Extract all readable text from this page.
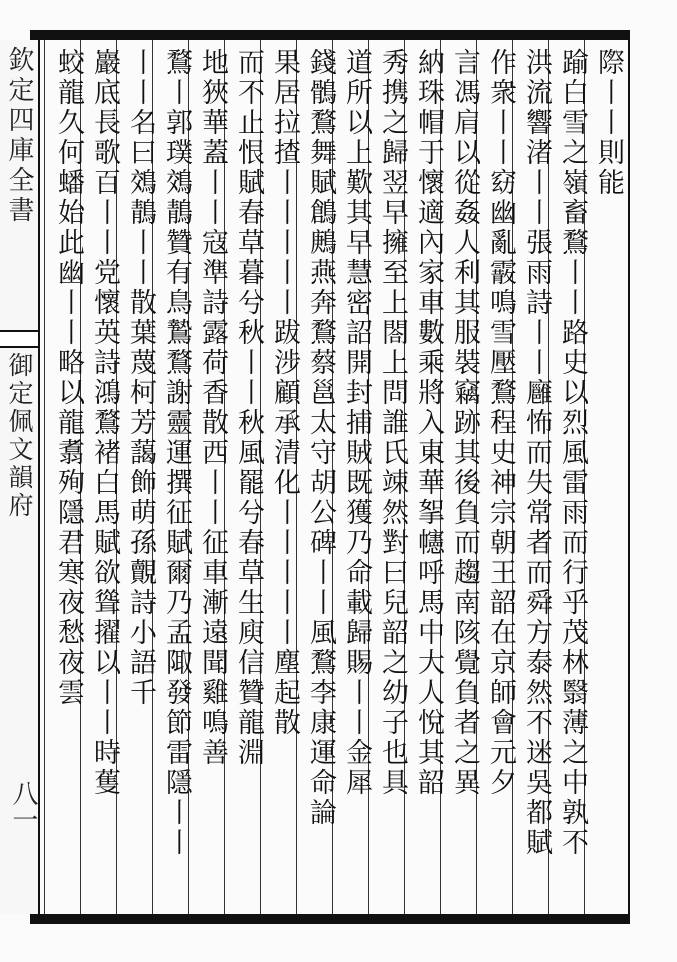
欽定四庫全書
御定佩文韻府
八一
際丨丨則能
踰白雪之嶺畜鶩丨丨路史以烈風雷雨而行乎茂林翳薄之中孰不
洪流響渚丨丨張雨詩丨丨廱怖而失常者而舜方泰然不迷吳都賦
作衆丨丨窈幽亂霰鳴雪壓鶩程史神宗朝王韶在京師會元夕
言馮肩以從姦人利其服裝竊跡其後負而趨南陔覺負者之異
納珠帽于懷適內家車數乘將入東華挐幰呼馬中大人悅其韶
秀携之歸翌早擁至上閤上問誰氏竦然對曰兒韶之幼子也具
道所以上歎其早慧密詔開封捕賊既獲乃命載歸賜丨丨金犀
錢鶻鶩舞賦鶬鶊燕奔鶩蔡邕太守胡公碑丨丨風鶩李康運命論
果居拉揸丨丨丨丨丨跋涉顧承清化丨丨丨丨丨塵起散
而不止恨賦春草暮兮秋丨丨秋風罷兮春草生庾信贊龍淵
地狹華蓋丨丨寇準詩露荷香散西丨丨征車漸遠聞雞鳴善
鶩丨郭璞鵁鶄贊有鳥鷙鶩謝靈運撰征賦爾乃孟陬發節雷隱丨丨
丨丨名曰鵁鶄丨丨散葉蔑柯芳藹飾萌孫覿詩小語千
巖底長歌百丨丨党懷英詩鴻鶩褚白馬賦欲聳擢以丨丨時蒦
蛟龍久何蟠始此幽丨丨略以龍翥殉隱君寒夜愁夜雲
